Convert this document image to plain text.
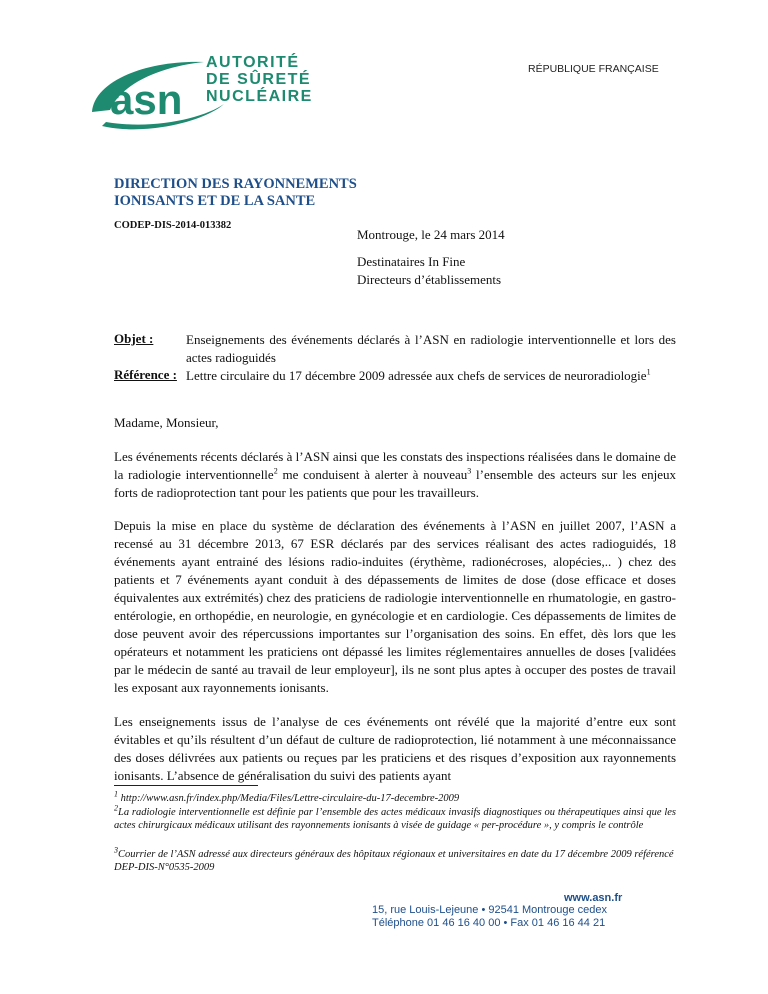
asn
AUTORITÉ
DE SÛRETÉ
NUCLÉAIRE
RÉPUBLIQUE FRANÇAISE
DIRECTION DES RAYONNEMENTS
IONISANTS ET DE LA SANTE
CODEP-DIS-2014-013382
Montrouge, le 24 mars 2014
Destinataires In Fine
Directeurs d’établissements
Objet :	Enseignements des événements déclarés à l’ASN en radiologie interventionnelle et lors des actes radioguidés
Référence : Lettre circulaire du 17 décembre 2009 adressée aux chefs de services de neuroradiologie$^1$
Madame, Monsieur,
Les événements récents déclarés à l’ASN ainsi que les constats des inspections réalisées dans le domaine de la radiologie interventionnelle$^2$ me conduisent à alerter à nouveau$^3$ l’ensemble des acteurs sur les enjeux forts de radioprotection tant pour les patients que pour les travailleurs.
Depuis la mise en place du système de déclaration des événements à l’ASN en juillet 2007, l’ASN a recensé au 31 décembre 2013, 67 ESR déclarés par des services réalisant des actes radioguidés, 18 événements ayant entrainé des lésions radio-induites (érythème, radionécroses, alopécies,.. ) chez des patients et 7 événements ayant conduit à des dépassements de limites de dose (dose efficace et doses équivalentes aux extrémités) chez des praticiens de radiologie interventionnelle en rhumatologie, en gastro-entérologie, en orthopédie, en neurologie, en gynécologie et en cardiologie. Ces dépassements de limites de dose peuvent avoir des répercussions importantes sur l’organisation des soins. En effet, dès lors que les opérateurs et notamment les praticiens ont dépassé les limites réglementaires annuelles de doses [validées par le médecin de santé au travail de leur employeur], ils ne sont plus aptes à occuper des postes de travail les exposant aux rayonnements ionisants.
Les enseignements issus de l’analyse de ces événements ont révélé que la majorité d’entre eux sont évitables et qu’ils résultent d’un défaut de culture de radioprotection, lié notamment à une méconnaissance des doses délivrées aux patients ou reçues par les praticiens et des risques d’exposition aux rayonnements ionisants. L’absence de généralisation du suivi des patients ayant
$^1$ http://www.asn.fr/index.php/Media/Files/Lettre-circulaire-du-17-decembre-2009
$^2$La radiologie interventionnelle est définie par l’ensemble des actes médicaux invasifs diagnostiques ou thérapeutiques ainsi que les actes chirurgicaux médicaux utilisant des rayonnements ionisants à visée de guidage « per-procédure », y compris le contrôle
$^3$Courrier de l’ASN adressé aux directeurs généraux des hôpitaux régionaux et universitaires en date du 17 décembre 2009 référencé DEP-DIS-N°0535-2009
www.asn.fr
15, rue Louis-Lejeune • 92541 Montrouge cedex
Téléphone 01 46 16 40 00 • Fax 01 46 16 44 21
